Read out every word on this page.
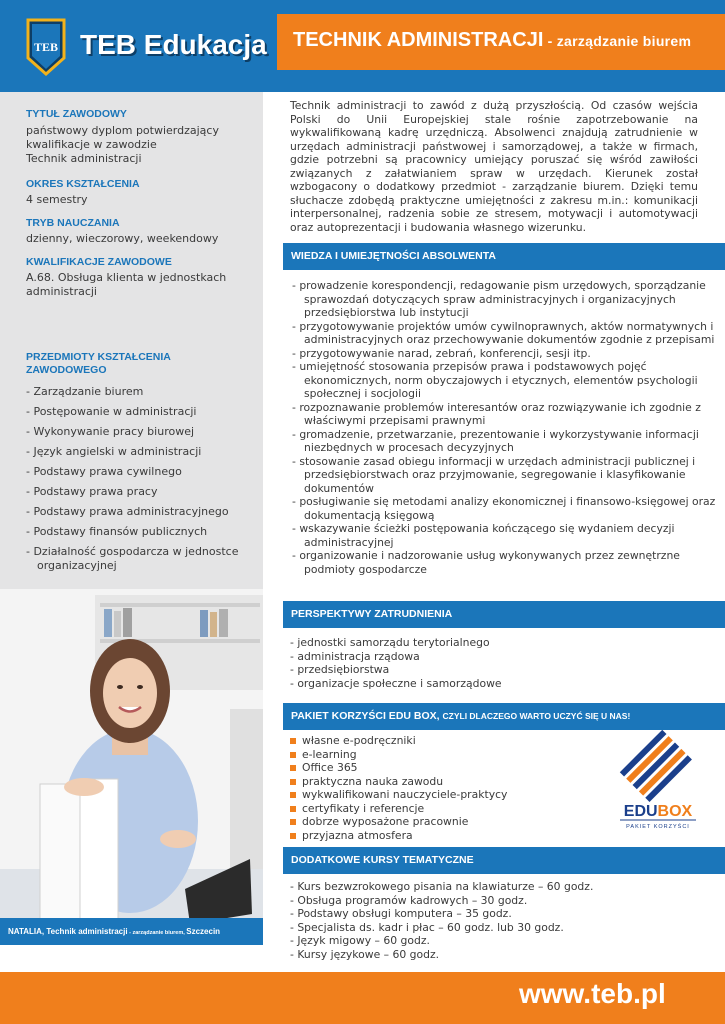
TEB TEB Edukacja TECHNIK ADMINISTRACJI - zarządzanie biurem
TYTUŁ ZAWODOWY
państwowy dyplom potwierdzający
kwalifikacje w zawodzie
Technik administracji
OKRES KSZTAŁCENIA
4 semestry
TRYB NAUCZANIA
dzienny, wieczorowy, weekendowy
KWALIFIKACJE ZAWODOWE
A.68. Obsługa klienta w jednostkach
administracji
PRZEDMIOTY KSZTAŁCENIA
ZAWODOWEGO
- Zarządzanie biurem
- Postępowanie w administracji
- Wykonywanie pracy biurowej
- Język angielski w administracji
- Podstawy prawa cywilnego
- Podstawy prawa pracy
- Podstawy prawa administracyjnego
- Podstawy finansów publicznych
- Działalność gospodarcza w jednostce organizacyjnej
NATALIA, Technik administracji - zarządzanie biurem, Szczecin
Technik administracji to zawód z dużą przyszłością. Od czasów wejścia Polski do Unii Europejskiej stale rośnie zapotrzebowanie na wykwalifikowaną kadrę urzędniczą. Absolwenci znajdują zatrudnienie w urzędach administracji państwowej i samorządowej, a także w firmach, gdzie potrzebni są pracownicy umiejący poruszać się wśród zawiłości związanych z załatwianiem spraw w urzędach. Kierunek został wzbogacony o dodatkowy przedmiot - zarządzanie biurem. Dzięki temu słuchacze zdobędą praktyczne umiejętności z zakresu m.in.: komunikacji interpersonalnej, radzenia sobie ze stresem, motywacji i automotywacji oraz autoprezentacji i budowania własnego wizerunku.
WIEDZA I UMIEJĘTNOŚCI ABSOLWENTA
- prowadzenie korespondencji, redagowanie pism urzędowych, sporządzanie sprawozdań dotyczących spraw administracyjnych i organizacyjnych przedsiębiorstwa lub instytucji
- przygotowywanie projektów umów cywilnoprawnych, aktów normatywnych i administracyjnych oraz przechowywanie dokumentów zgodnie z przepisami
- przygotowywanie narad, zebrań, konferencji, sesji itp.
- umiejętność stosowania przepisów prawa i podstawowych pojęć ekonomicznych, norm obyczajowych i etycznych, elementów psychologii społecznej i socjologii
- rozpoznawanie problemów interesantów oraz rozwiązywanie ich zgodnie z właściwymi przepisami prawnymi
- gromadzenie, przetwarzanie, prezentowanie i wykorzystywanie informacji niezbędnych w procesach decyzyjnych
- stosowanie zasad obiegu informacji w urzędach administracji publicznej i przedsiębiorstwach oraz przyjmowanie, segregowanie i klasyfikowanie dokumentów
- posługiwanie się metodami analizy ekonomicznej i finansowo-księgowej oraz dokumentacją księgową
- wskazywanie ścieżki postępowania kończącego się wydaniem decyzji administracyjnej
- organizowanie i nadzorowanie usług wykonywanych przez zewnętrzne podmioty gospodarcze
PERSPEKTYWY ZATRUDNIENIA
- jednostki samorządu terytorialnego
- administracja rządowa
- przedsiębiorstwa
- organizacje społeczne i samorządowe
PAKIET KORZYŚCI EDU BOX, CZYLI DLACZEGO WARTO UCZYĆ SIĘ U NAS!
własne e-podręczniki
e-learning
Office 365
praktyczna nauka zawodu
wykwalifikowani nauczyciele-praktycy
certyfikaty i referencje
dobrze wyposażone pracownie
przyjazna atmosfera
EDUBOX
PAKIET KORZYŚCI
DODATKOWE KURSY TEMATYCZNE
- Kurs bezwzrokowego pisania na klawiaturze – 60 godz.
- Obsługa programów kadrowych – 30 godz.
- Podstawy obsługi komputera – 35 godz.
- Specjalista ds. kadr i płac – 60 godz. lub 30 godz.
- Język migowy – 60 godz.
- Kursy językowe – 60 godz.
www.teb.pl
